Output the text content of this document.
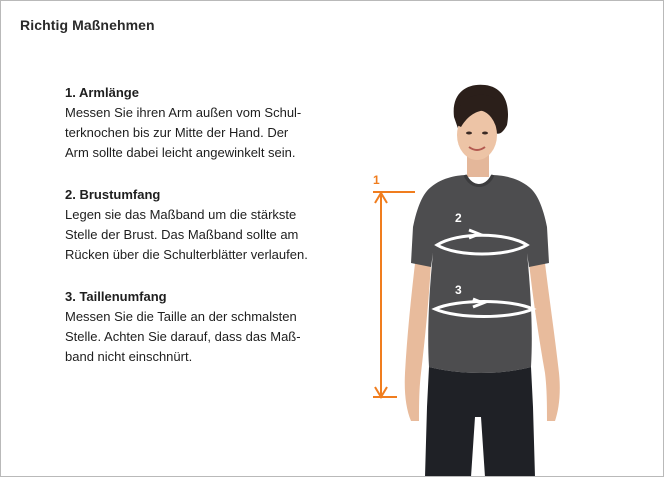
Richtig Maßnehmen
1. Armlänge
Messen Sie ihren Arm außen vom Schul-
terknochen bis zur Mitte der Hand. Der
Arm sollte dabei leicht angewinkelt sein.
2. Brustumfang
Legen sie das Maßband um die stärkste
Stelle der Brust. Das Maßband sollte am
Rücken über die Schulterblätter verlaufen.
3. Taillenumfang
Messen Sie die Taille an der schmalsten
Stelle. Achten Sie darauf, dass das Maß-
band nicht einschnürt.
1
2
3
